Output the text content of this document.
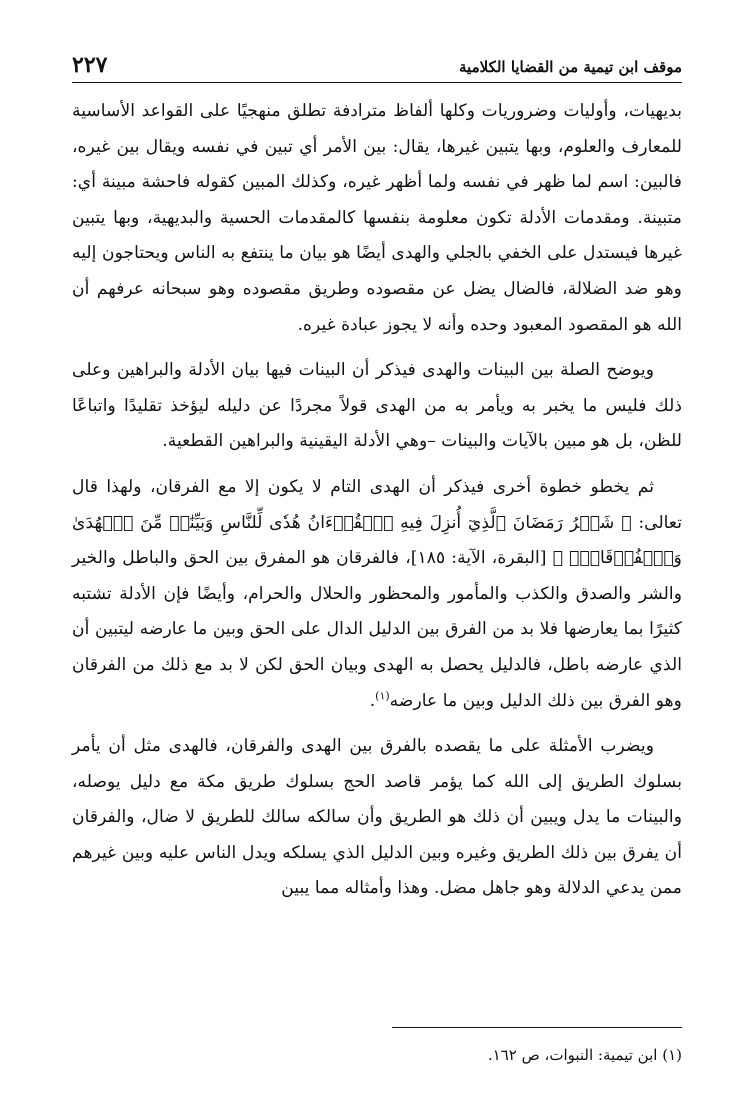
موقف ابن تيمية من القضايا الكلامية
٢٢٧

بديهيات، وأوليات وضروريات وكلها ألفاظ مترادفة تطلق منهجيًا على القواعد الأساسية للمعارف والعلوم، وبها يتبين غيرها، يقال: بين الأمر أي تبين في نفسه ويقال بين غيره، فالبين: اسم لما ظهر في نفسه ولما أظهر غيره، وكذلك المبين كقوله فاحشة مبينة أي: متبينة. ومقدمات الأدلة تكون معلومة بنفسها كالمقدمات الحسية والبديهية، وبها يتبين غيرها فيستدل على الخفي بالجلي والهدى أيضًا هو بيان ما ينتفع به الناس ويحتاجون إليه وهو ضد الضلالة، فالضال يضل عن مقصوده وطريق مقصوده وهو سبحانه عرفهم أن الله هو المقصود المعبود وحده وأنه لا يجوز عبادة غيره.

ويوضح الصلة بين البينات والهدى فيذكر أن البينات فيها بيان الأدلة والبراهين وعلى ذلك فليس ما يخبر به ويأمر به من الهدى قولاً مجردًا عن دليله ليؤخذ تقليدًا واتباعًا للظن، بل هو مبين بالآيات والبينات –وهي الأدلة اليقينية والبراهين القطعية.

ثم يخطو خطوة أخرى فيذكر أن الهدى التام لا يكون إلا مع الفرقان، ولهذا قال تعالى: ﴿ شَهۡرُ رَمَضَانَ ٱلَّذِيٓ أُنزِلَ فِيهِ ٱلۡقُرۡءَانُ هُدٗى لِّلنَّاسِ وَبَيِّنَٰتٖ مِّنَ ٱلۡهُدَىٰ وَٱلۡفُرۡقَانِۚ ﴾ [البقرة، الآية: ١٨٥]، فالفرقان هو المفرق بين الحق والباطل والخير والشر والصدق والكذب والمأمور والمحظور والحلال والحرام، وأيضًا فإن الأدلة تشتبه كثيرًا بما يعارضها فلا بد من الفرق بين الدليل الدال على الحق وبين ما عارضه ليتبين أن الذي عارضه باطل، فالدليل يحصل به الهدى وبيان الحق لكن لا بد مع ذلك من الفرقان وهو الفرق بين ذلك الدليل وبين ما عارضه$^{(١)}$.

ويضرب الأمثلة على ما يقصده بالفرق بين الهدى والفرقان، فالهدى مثل أن يأمر بسلوك الطريق إلى الله كما يؤمر قاصد الحج بسلوك طريق مكة مع دليل يوصله، والبينات ما يدل ويبين أن ذلك هو الطريق وأن سالكه سالك للطريق لا ضال، والفرقان أن يفرق بين ذلك الطريق وغيره وبين الدليل الذي يسلكه ويدل الناس عليه وبين غيرهم ممن يدعي الدلالة وهو جاهل مضل. وهذا وأمثاله مما يبين

(١) ابن تيمية: النبوات، ص ١٦٢.
